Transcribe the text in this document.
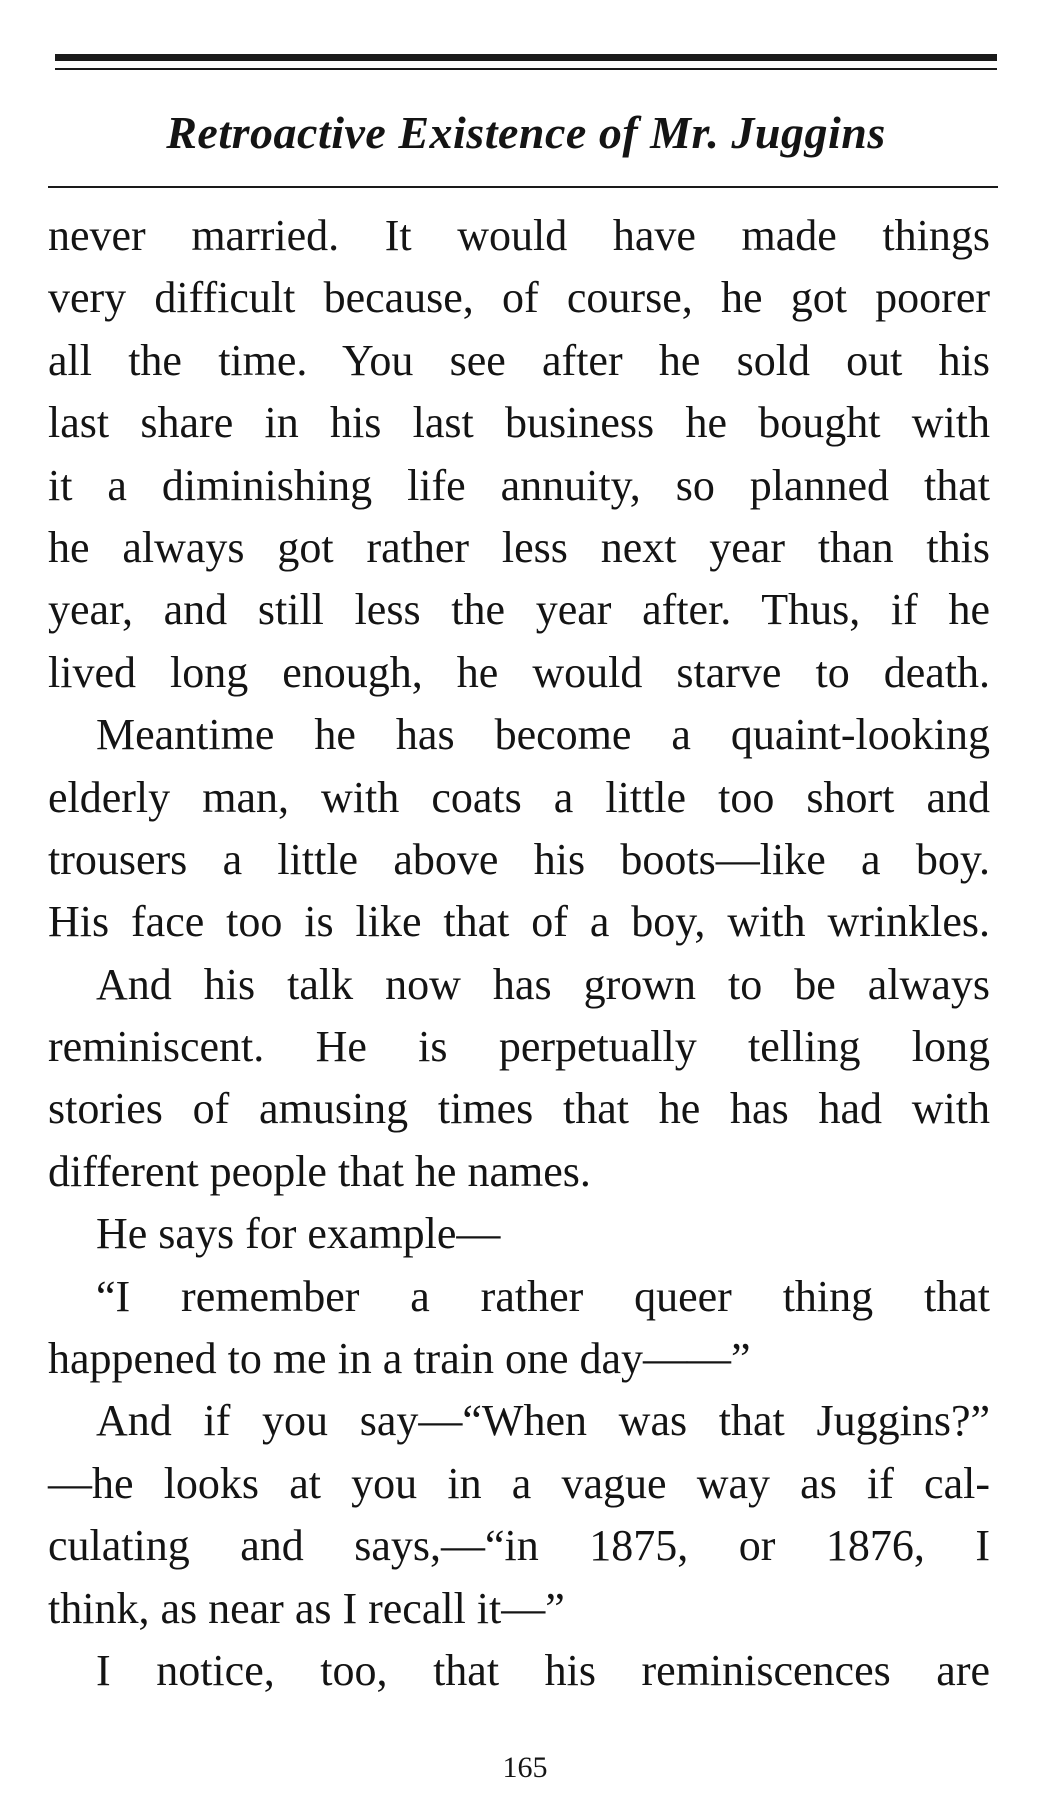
Retroactive Existence of Mr. Juggins
never married. It would have made things
very difficult because, of course, he got poorer
all the time. You see after he sold out his
last share in his last business he bought with
it a diminishing life annuity, so planned that
he always got rather less next year than this
year, and still less the year after. Thus, if he
lived long enough, he would starve to death.
Meantime he has become a quaint-looking
elderly man, with coats a little too short and
trousers a little above his boots—like a boy.
His face too is like that of a boy, with wrinkles.
And his talk now has grown to be always
reminiscent. He is perpetually telling long
stories of amusing times that he has had with
different people that he names.
He says for example—
“I remember a rather queer thing that
happened to me in a train one day——”
And if you say—“When was that Juggins?”
—he looks at you in a vague way as if cal-
culating and says,—“in 1875, or 1876, I
think, as near as I recall it—”
I notice, too, that his reminiscences are
165
